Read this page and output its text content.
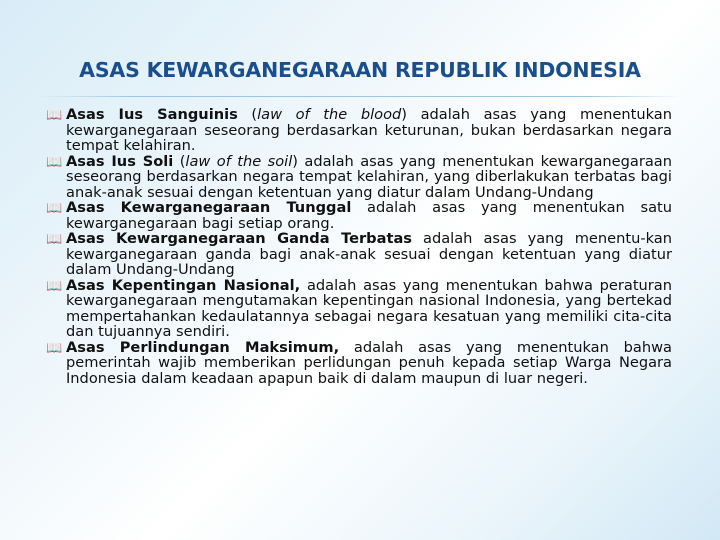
ASAS KEWARGANEGARAAN REPUBLIK INDONESIA
📖 Asas Ius Sanguinis (law of the blood) adalah asas yang menentukan kewarganegaraan seseorang berdasarkan keturunan, bukan berdasarkan negara tempat kelahiran.
📖 Asas Ius Soli (law of the soil) adalah asas yang menentukan kewarganegaraan seseorang berdasarkan negara tempat kelahiran, yang diberlakukan terbatas bagi anak-anak sesuai dengan ketentuan yang diatur dalam Undang-Undang
📖 Asas Kewarganegaraan Tunggal adalah asas yang menentukan satu kewarganegaraan bagi setiap orang.
📖 Asas Kewarganegaraan Ganda Terbatas adalah asas yang menentu-kan kewarganegaraan ganda bagi anak-anak sesuai dengan ketentuan yang diatur dalam Undang-Undang
📖 Asas Kepentingan Nasional, adalah asas yang menentukan bahwa peraturan kewarganegaraan mengutamakan kepentingan nasional Indonesia, yang bertekad mempertahankan kedaulatannya sebagai negara kesatuan yang memiliki cita-cita dan tujuannya sendiri.
📖 Asas Perlindungan Maksimum, adalah asas yang menentukan bahwa pemerintah wajib memberikan perlidungan penuh kepada setiap Warga Negara Indonesia dalam keadaan apapun baik di dalam maupun di luar negeri.
